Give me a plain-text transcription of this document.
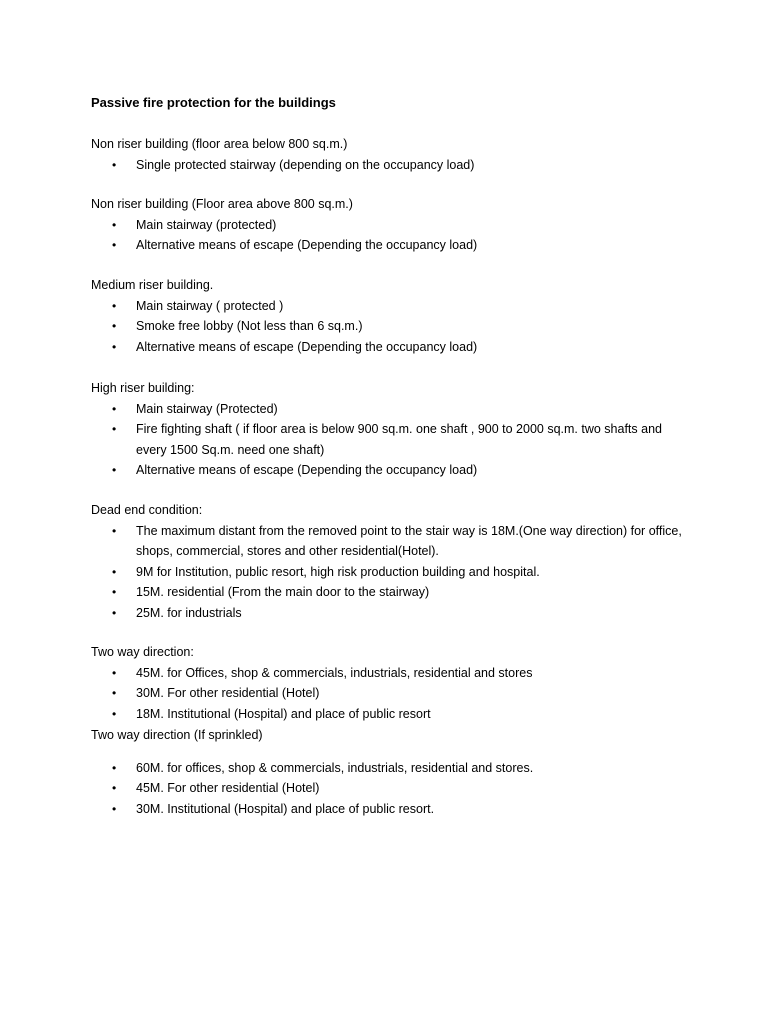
Passive fire protection for the buildings

Non riser building (floor area below 800 sq.m.)

• Single protected stairway (depending on the occupancy load)

Non riser building (Floor area above 800 sq.m.)

• Main stairway (protected)
• Alternative means of escape (Depending the occupancy load)

Medium riser building.

• Main stairway ( protected )
• Smoke free lobby (Not less than 6 sq.m.)
• Alternative means of escape (Depending the occupancy load)

High riser building:

• Main stairway (Protected)
• Fire fighting shaft ( if floor area is below 900 sq.m. one shaft , 900 to 2000 sq.m. two shafts and every 1500 Sq.m. need one shaft)
• Alternative means of escape (Depending the occupancy load)

Dead end condition:

• The maximum distant from the removed point to the stair way is 18M.(One way direction) for office, shops, commercial, stores and other residential(Hotel).
• 9M for Institution, public resort, high risk production building and hospital.
• 15M. residential (From the main door to the stairway)
• 25M. for industrials

Two way direction:

• 45M. for Offices, shop & commercials, industrials, residential and stores
• 30M. For other residential (Hotel)
• 18M. Institutional (Hospital) and place of public resort

Two way direction (If sprinkled)

• 60M. for offices, shop & commercials, industrials, residential and stores.
• 45M. For other residential (Hotel)
• 30M. Institutional (Hospital) and place of public resort.
